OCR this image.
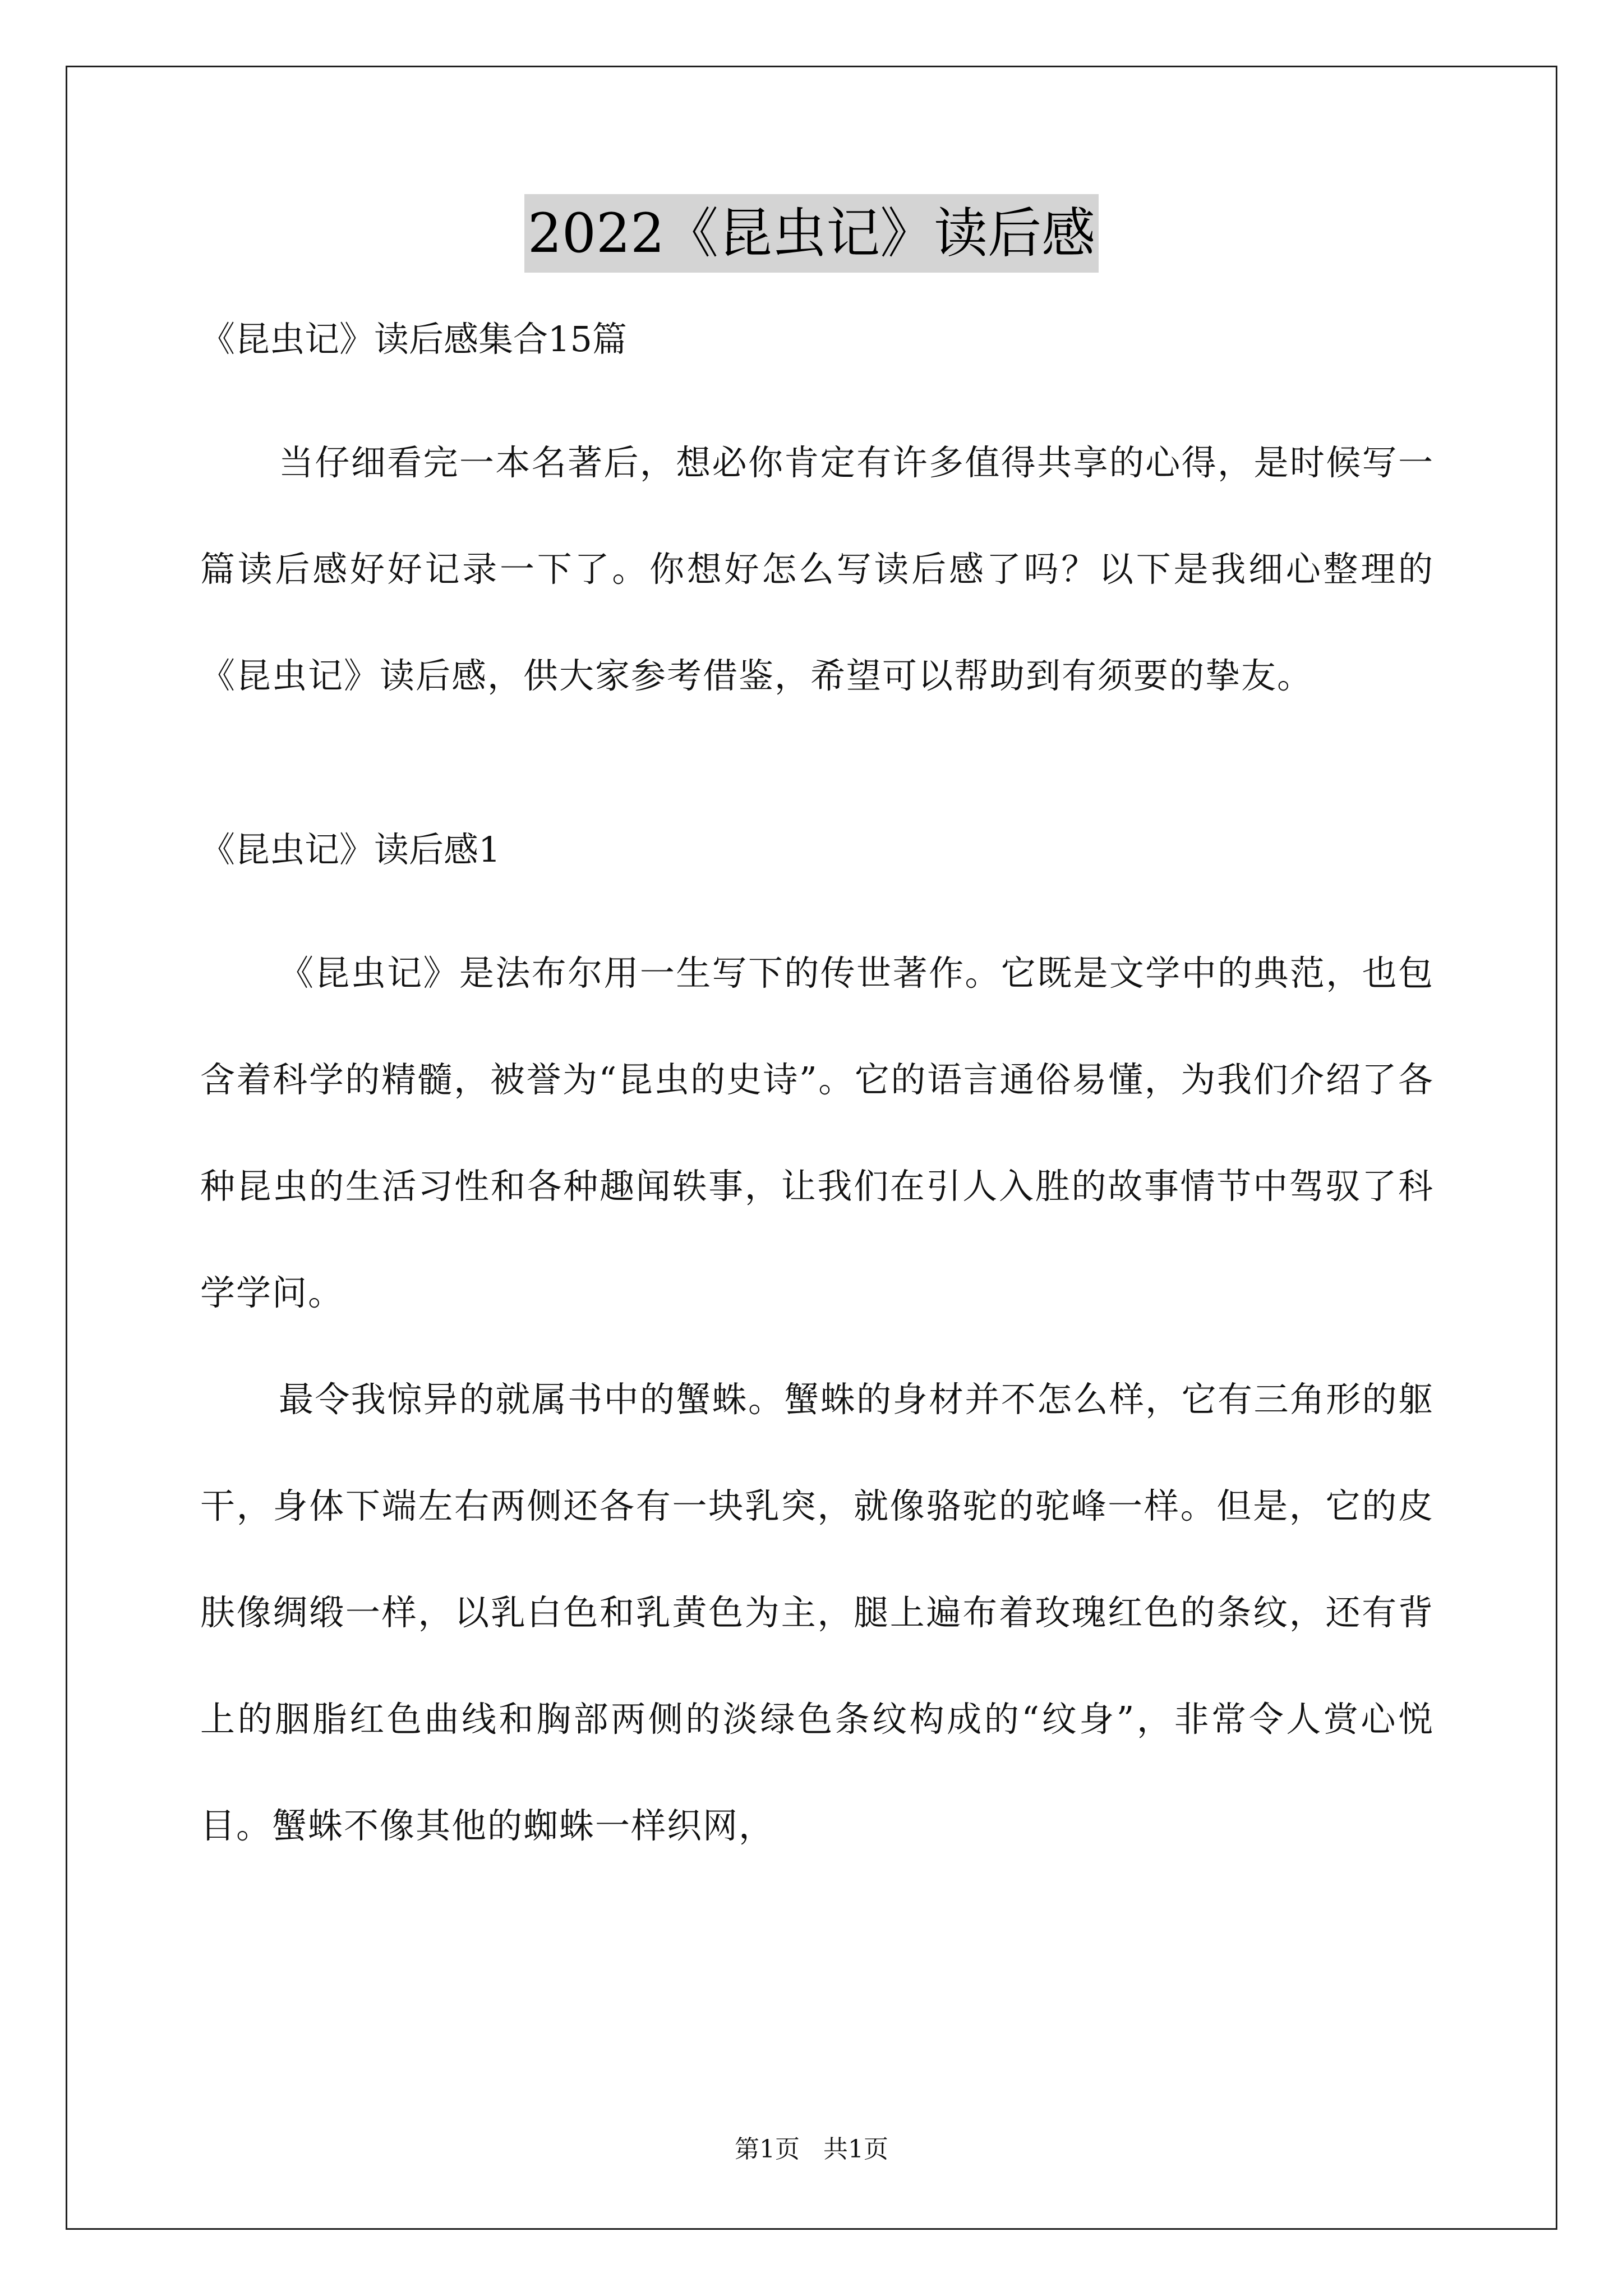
2022《昆虫记》读后感

《昆虫记》读后感集合15篇

当仔细看完一本名著后，想必你肯定有许多值得共享的心得，是时候写一篇读后感好好记录一下了。你想好怎么写读后感了吗？以下是我细心整理的《昆虫记》读后感，供大家参考借鉴，希望可以帮助到有须要的挚友。

《昆虫记》读后感1

《昆虫记》是法布尔用一生写下的传世著作。它既是文学中的典范，也包含着科学的精髓，被誉为“昆虫的史诗”。它的语言通俗易懂，为我们介绍了各种昆虫的生活习性和各种趣闻轶事，让我们在引人入胜的故事情节中驾驭了科学学问。

最令我惊异的就属书中的蟹蛛。蟹蛛的身材并不怎么样，它有三角形的躯干，身体下端左右两侧还各有一块乳突，就像骆驼的驼峰一样。但是，它的皮肤像绸缎一样，以乳白色和乳黄色为主，腿上遍布着玫瑰红色的条纹，还有背上的胭脂红色曲线和胸部两侧的淡绿色条纹构成的“纹身”，非常令人赏心悦目。蟹蛛不像其他的蜘蛛一样织网，

第1页 共1页
